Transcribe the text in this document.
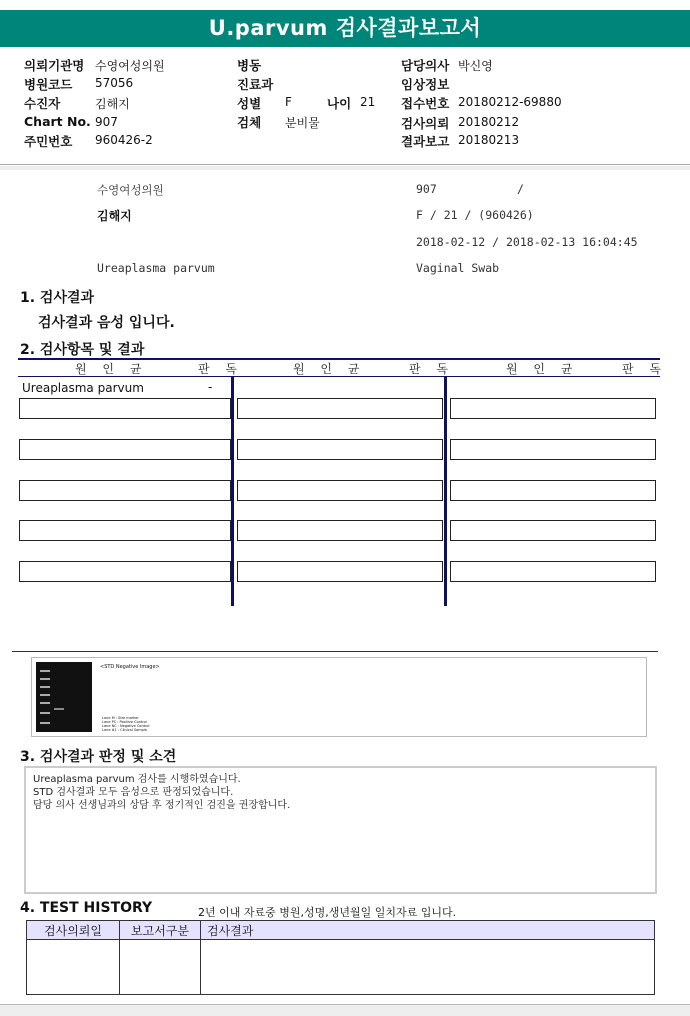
U.parvum 검사결과보고서
의뢰기관명 수영여성의원	병동	담당의사 박신영
병원코드 57056	진료과	임상정보
수진자	김해지	성별 F	나이 21 접수번호 20180212-69880
Chart No. 907	검체 분비물	검사의뢰 20180212
주민번호 960426-2	결과보고 20180213
수영여성의원	907	/
김해지	F / 21 / (960426)
2018-02-12 / 2018-02-13 16:04:45
Ureaplasma parvum	Vaginal Swab
1. 검사결과
검사결과 음성 입니다.
2. 검사항목 및 결과
원 인 균	판 독	원 인 균	판 독	원 인 균	판 독
Ureaplasma parvum	-
<STD Negative Image>
Lane M : Size marker
Lane PC : Positive Control
Lane NC : Negative Control
Lane #1 : Clinical Sample
3. 검사결과 판정 및 소견
Ureaplasma parvum 검사를 시행하였습니다.
STD 검사결과 모두 음성으로 판정되었습니다.
담당 의사 선생님과의 상담 후 정기적인 검진을 권장합니다.
4. TEST HISTORY	2년 이내 자료중 병원,성명,생년월일 일치자료 입니다.
검사의뢰일	보고서구분	검사결과
